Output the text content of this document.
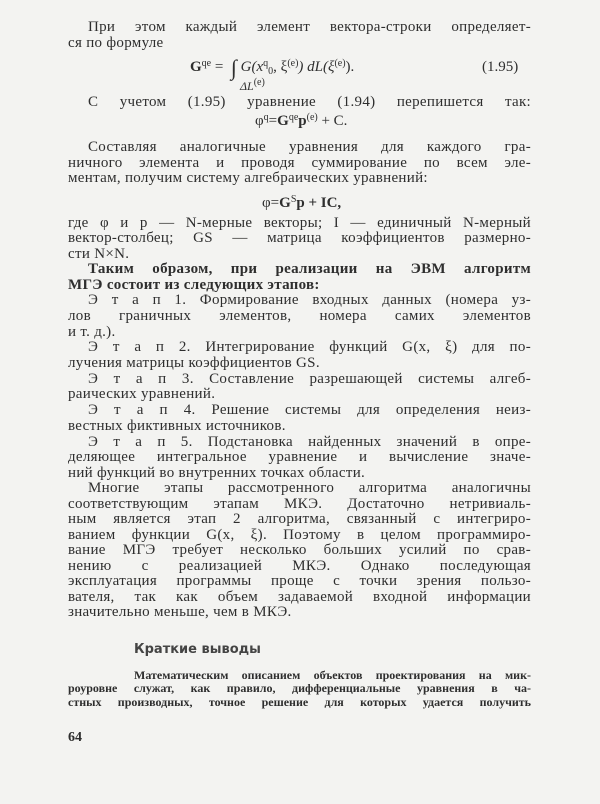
При этом каждый элемент вектора-строки определяет-
ся по формуле
$G^{qe}$ = ∫ $G(x^q_0$, $\xi^{(e)}$) $dL(\xi^{(e)})$.
ΔL$^{(e)}$
(1.95)
С учетом (1.95) уравнение (1.94) перепишется так:
$\varphi^q=G^{qe}p^{(e)} + C$.
Составляя аналогичные уравнения для каждого гра-
ничного элемента и проводя суммирование по всем эле-
ментам, получим систему алгебраических уравнений:
$\varphi=G^Sp$ + IC,
где φ и p — N-мерные векторы; I — единичный N-мерный
вектор-столбец; GS — матрица коэффициентов размерно-
сти N×N.
Таким образом, при реализации на ЭВМ алгоритм
МГЭ состоит из следующих этапов:
Э т а п 1. Формирование входных данных (номера уз-
лов граничных элементов, номера самих элементов
и т. д.).
Э т а п 2. Интегрирование функций G(x, ξ) для по-
лучения матрицы коэффициентов GS.
Э т а п 3. Составление разрешающей системы алгеб-
раических уравнений.
Э т а п 4. Решение системы для определения неиз-
вестных фиктивных источников.
Э т а п 5. Подстановка найденных значений в опре-
деляющее интегральное уравнение и вычисление значе-
ний функций во внутренних точках области.
Многие этапы рассмотренного алгоритма аналогичны
соответствующим этапам МКЭ. Достаточно нетривиаль-
ным является этап 2 алгоритма, связанный с интегриро-
ванием функции G(x, ξ). Поэтому в целом программиро-
вание МГЭ требует несколько больших усилий по срав-
нению с реализацией МКЭ. Однако последующая
эксплуатация программы проще с точки зрения пользо-
вателя, так как объем задаваемой входной информации
значительно меньше, чем в МКЭ.
Краткие выводы
Математическим описанием объектов проектирования на мик-
роуровне служат, как правило, дифференциальные уравнения в ча-
стных производных, точное решение для которых удается получить
64
